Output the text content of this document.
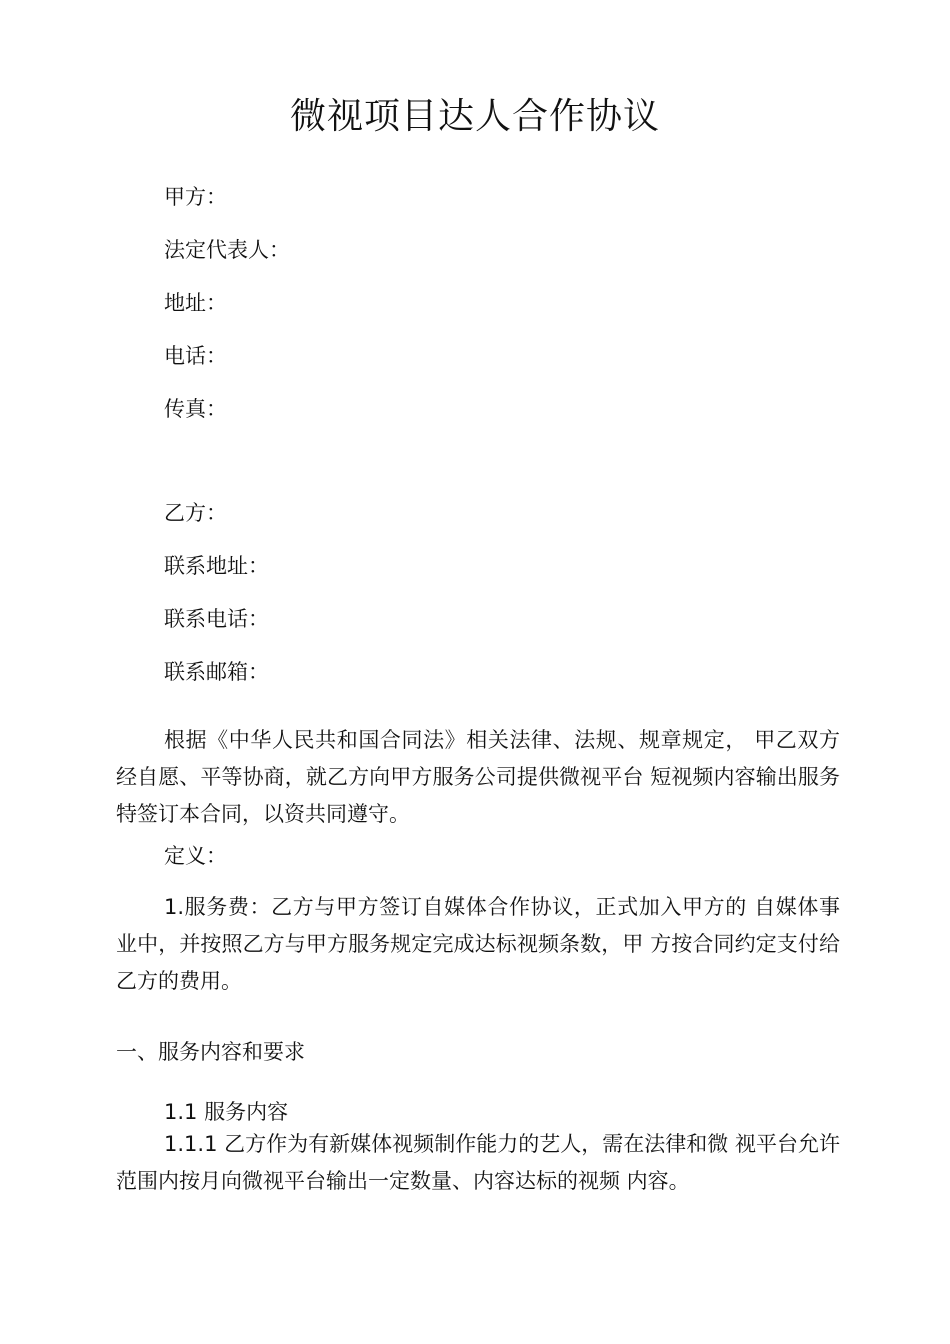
微视项目达人合作协议
甲方：
法定代表人：
地址：
电话：
传真：
乙方：
联系地址：
联系电话：
联系邮箱：
根据《中华人民共和国合同法》相关法律、法规、规章规定， 甲乙双方经自愿、平等协商，就乙方向甲方服务公司提供微视平台 短视频内容输出服务特签订本合同，以资共同遵守。
定义：
1.服务费：乙方与甲方签订自媒体合作协议，正式加入甲方的 自媒体事业中，并按照乙方与甲方服务规定完成达标视频条数，甲 方按合同约定支付给乙方的费用。
一、服务内容和要求
1.1 服务内容
1.1.1 乙方作为有新媒体视频制作能力的艺人，需在法律和微 视平台允许范围内按月向微视平台输出一定数量、内容达标的视频 内容。
